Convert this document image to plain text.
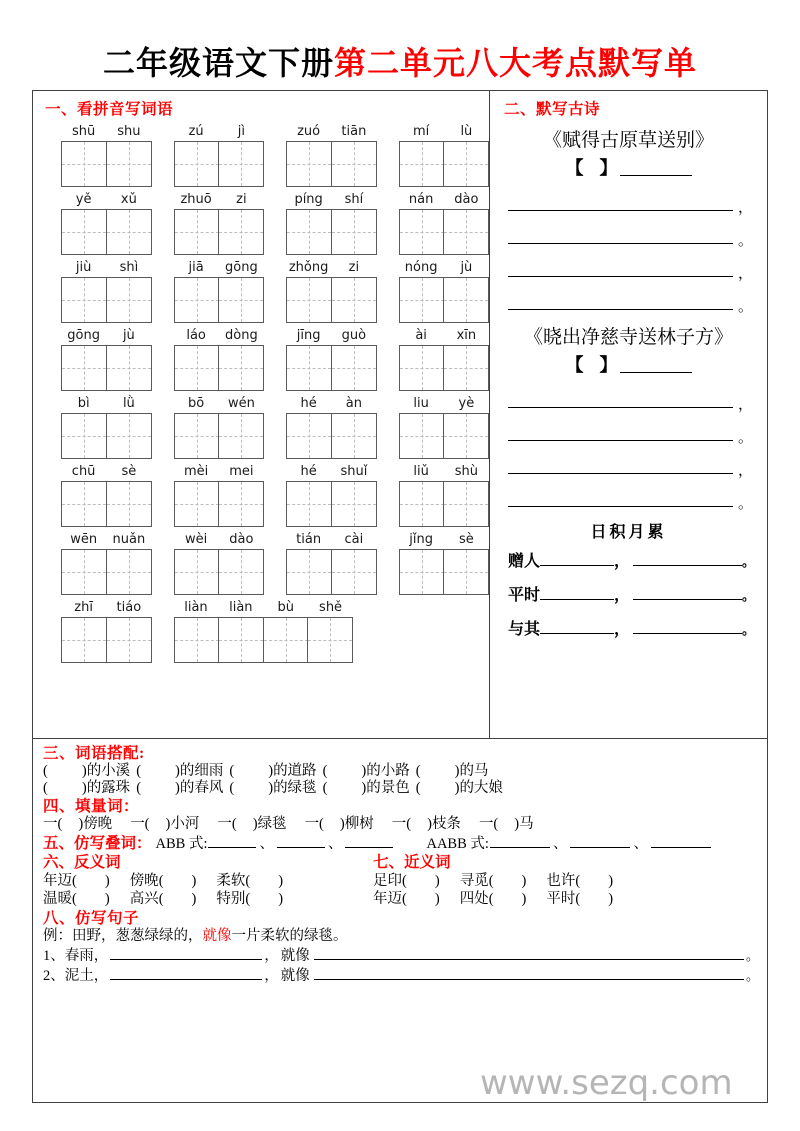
二年级语文下册第二单元八大考点默写单
一、看拼音写词语
shū	shu	zú	jì	zuó	tiān	mí	lù
yě	xǔ	zhuō	zi	píng	shí	nán	dào
jiù	shì	jiā	gōng	zhǒng	zi	nóng	jù
gōng	jù	láo	dòng	jīng	guò	ài	xīn
bì	lǜ	bō	wén	hé	àn	liu	yè
chū	sè	mèi	mei	hé	shuǐ	liǔ	shù
wēn	nuǎn	wèi	dào	tián	cài	jǐng	sè
zhī	tiáo	liàn	liàn	bù	shě
二、默写古诗
《赋得古原草送别》
【】
，
。
，
。
《晓出净慈寺送林子方》
【】
，
。
，
。
日积月累
赠人	，	。
平时	，	。
与其	，	。
三、词语搭配:
( )的小溪 ( )的细雨 ( )的道路 ( )的小路 ( )的马
( )的露珠 ( )的春风 ( )的绿毯 ( )的景色 ( )的大娘
四、填量词：
一( )傍晚 一( )小河 一( )绿毯 一( )柳树 一( )枝条 一( )马
五、仿写叠词： ABB 式:	、	、	AABB 式:	、	、
六、反义词	七、近义词
年迈( ) 傍晚( ) 柔软( )	足印( ) 寻觅( ) 也许( )
温暖( ) 高兴( ) 特别( )	年迈( ) 四处( ) 平时( )
八、仿写句子
例：田野，葱葱绿绿的，就像一片柔软的绿毯。
1、春雨，	， 就像	。
2、泥土，	， 就像	。
www.sezq.com
